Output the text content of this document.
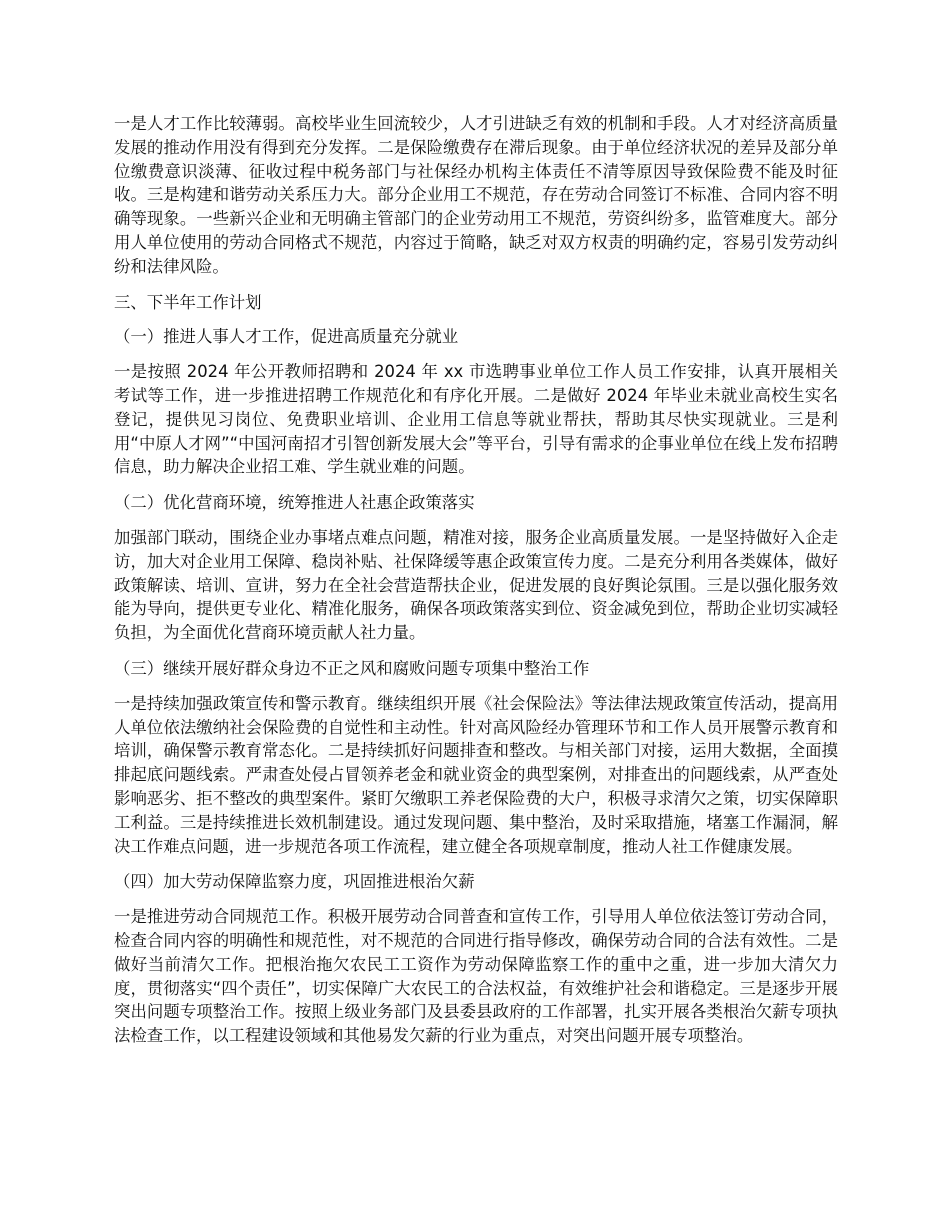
一是人才工作比较薄弱。高校毕业生回流较少，人才引进缺乏有效的机制和手段。人才对经济高质量发展的推动作用没有得到充分发挥。二是保险缴费存在滞后现象。由于单位经济状况的差异及部分单位缴费意识淡薄、征收过程中税务部门与社保经办机构主体责任不清等原因导致保险费不能及时征收。三是构建和谐劳动关系压力大。部分企业用工不规范，存在劳动合同签订不标准、合同内容不明确等现象。一些新兴企业和无明确主管部门的企业劳动用工不规范，劳资纠纷多，监管难度大。部分用人单位使用的劳动合同格式不规范，内容过于简略，缺乏对双方权责的明确约定，容易引发劳动纠纷和法律风险。

三、下半年工作计划

（一）推进人事人才工作，促进高质量充分就业

一是按照 2024 年公开教师招聘和 2024 年 xx 市选聘事业单位工作人员工作安排，认真开展相关考试等工作，进一步推进招聘工作规范化和有序化开展。二是做好 2024 年毕业未就业高校生实名登记，提供见习岗位、免费职业培训、企业用工信息等就业帮扶，帮助其尽快实现就业。三是利用“中原人才网”“中国河南招才引智创新发展大会”等平台，引导有需求的企事业单位在线上发布招聘信息，助力解决企业招工难、学生就业难的问题。

（二）优化营商环境，统筹推进人社惠企政策落实

加强部门联动，围绕企业办事堵点难点问题，精准对接，服务企业高质量发展。一是坚持做好入企走访，加大对企业用工保障、稳岗补贴、社保降缓等惠企政策宣传力度。二是充分利用各类媒体，做好政策解读、培训、宣讲，努力在全社会营造帮扶企业，促进发展的良好舆论氛围。三是以强化服务效能为导向，提供更专业化、精准化服务，确保各项政策落实到位、资金减免到位，帮助企业切实减轻负担，为全面优化营商环境贡献人社力量。

（三）继续开展好群众身边不正之风和腐败问题专项集中整治工作

一是持续加强政策宣传和警示教育。继续组织开展《社会保险法》等法律法规政策宣传活动，提高用人单位依法缴纳社会保险费的自觉性和主动性。针对高风险经办管理环节和工作人员开展警示教育和培训，确保警示教育常态化。二是持续抓好问题排查和整改。与相关部门对接，运用大数据，全面摸排起底问题线索。严肃查处侵占冒领养老金和就业资金的典型案例，对排查出的问题线索，从严查处影响恶劣、拒不整改的典型案件。紧盯欠缴职工养老保险费的大户，积极寻求清欠之策，切实保障职工利益。三是持续推进长效机制建设。通过发现问题、集中整治，及时采取措施，堵塞工作漏洞，解决工作难点问题，进一步规范各项工作流程，建立健全各项规章制度，推动人社工作健康发展。

（四）加大劳动保障监察力度，巩固推进根治欠薪

一是推进劳动合同规范工作。积极开展劳动合同普查和宣传工作，引导用人单位依法签订劳动合同，检查合同内容的明确性和规范性，对不规范的合同进行指导修改，确保劳动合同的合法有效性。二是做好当前清欠工作。把根治拖欠农民工工资作为劳动保障监察工作的重中之重，进一步加大清欠力度，贯彻落实“四个责任”，切实保障广大农民工的合法权益，有效维护社会和谐稳定。三是逐步开展突出问题专项整治工作。按照上级业务部门及县委县政府的工作部署，扎实开展各类根治欠薪专项执法检查工作，以工程建设领域和其他易发欠薪的行业为重点，对突出问题开展专项整治。
